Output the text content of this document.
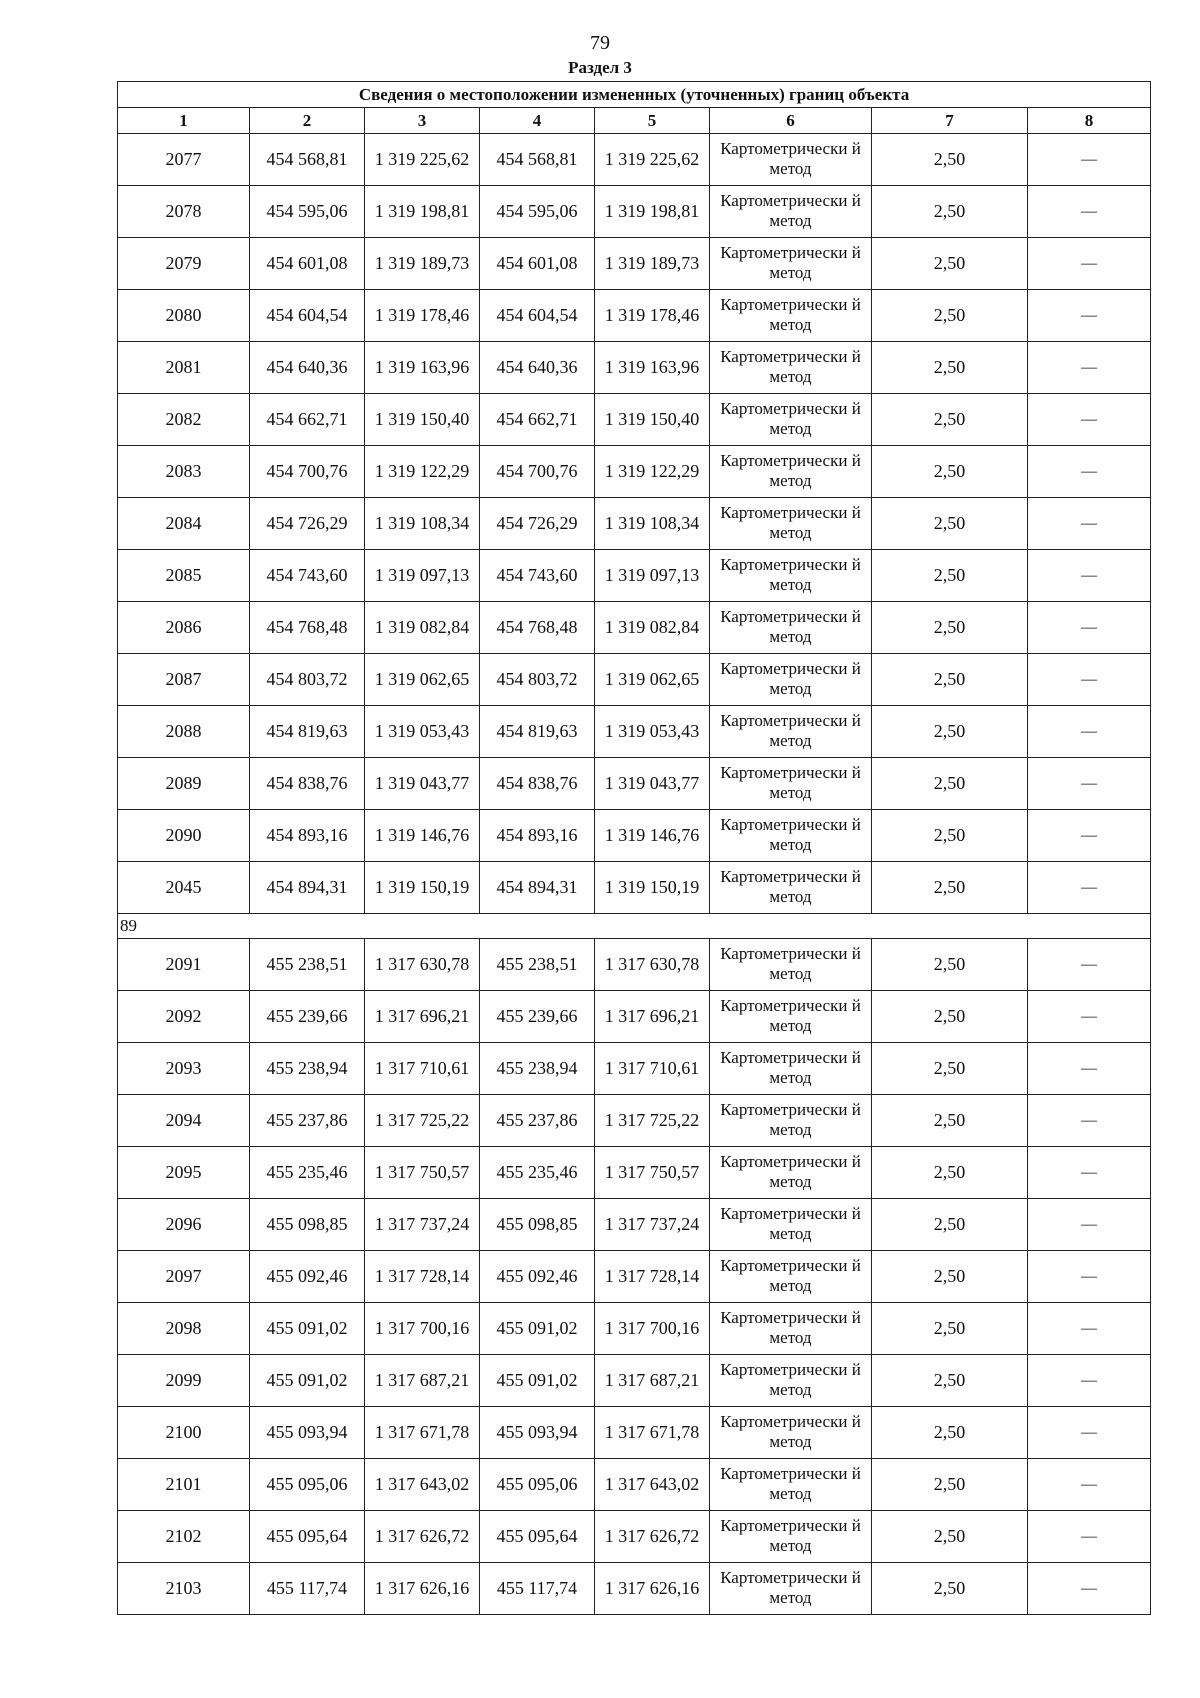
79
Раздел 3
Сведения о местоположении измененных (уточненных) границ объекта							
1	2	3	4	5	6	7	8
2077	454 568,81	1 319 225,62	454 568,81	1 319 225,62	Картометрически й метод	2,50	—
2078	454 595,06	1 319 198,81	454 595,06	1 319 198,81	Картометрически й метод	2,50	—
2079	454 601,08	1 319 189,73	454 601,08	1 319 189,73	Картометрически й метод	2,50	—
2080	454 604,54	1 319 178,46	454 604,54	1 319 178,46	Картометрически й метод	2,50	—
2081	454 640,36	1 319 163,96	454 640,36	1 319 163,96	Картометрически й метод	2,50	—
2082	454 662,71	1 319 150,40	454 662,71	1 319 150,40	Картометрически й метод	2,50	—
2083	454 700,76	1 319 122,29	454 700,76	1 319 122,29	Картометрически й метод	2,50	—
2084	454 726,29	1 319 108,34	454 726,29	1 319 108,34	Картометрически й метод	2,50	—
2085	454 743,60	1 319 097,13	454 743,60	1 319 097,13	Картометрически й метод	2,50	—
2086	454 768,48	1 319 082,84	454 768,48	1 319 082,84	Картометрически й метод	2,50	—
2087	454 803,72	1 319 062,65	454 803,72	1 319 062,65	Картометрически й метод	2,50	—
2088	454 819,63	1 319 053,43	454 819,63	1 319 053,43	Картометрически й метод	2,50	—
2089	454 838,76	1 319 043,77	454 838,76	1 319 043,77	Картометрически й метод	2,50	—
2090	454 893,16	1 319 146,76	454 893,16	1 319 146,76	Картометрически й метод	2,50	—
2045	454 894,31	1 319 150,19	454 894,31	1 319 150,19	Картометрически й метод	2,50	—
89							
2091	455 238,51	1 317 630,78	455 238,51	1 317 630,78	Картометрически й метод	2,50	—
2092	455 239,66	1 317 696,21	455 239,66	1 317 696,21	Картометрически й метод	2,50	—
2093	455 238,94	1 317 710,61	455 238,94	1 317 710,61	Картометрически й метод	2,50	—
2094	455 237,86	1 317 725,22	455 237,86	1 317 725,22	Картометрически й метод	2,50	—
2095	455 235,46	1 317 750,57	455 235,46	1 317 750,57	Картометрически й метод	2,50	—
2096	455 098,85	1 317 737,24	455 098,85	1 317 737,24	Картометрически й метод	2,50	—
2097	455 092,46	1 317 728,14	455 092,46	1 317 728,14	Картометрически й метод	2,50	—
2098	455 091,02	1 317 700,16	455 091,02	1 317 700,16	Картометрически й метод	2,50	—
2099	455 091,02	1 317 687,21	455 091,02	1 317 687,21	Картометрически й метод	2,50	—
2100	455 093,94	1 317 671,78	455 093,94	1 317 671,78	Картометрически й метод	2,50	—
2101	455 095,06	1 317 643,02	455 095,06	1 317 643,02	Картометрически й метод	2,50	—
2102	455 095,64	1 317 626,72	455 095,64	1 317 626,72	Картометрически й метод	2,50	—
2103	455 117,74	1 317 626,16	455 117,74	1 317 626,16	Картометрически й метод	2,50	—
